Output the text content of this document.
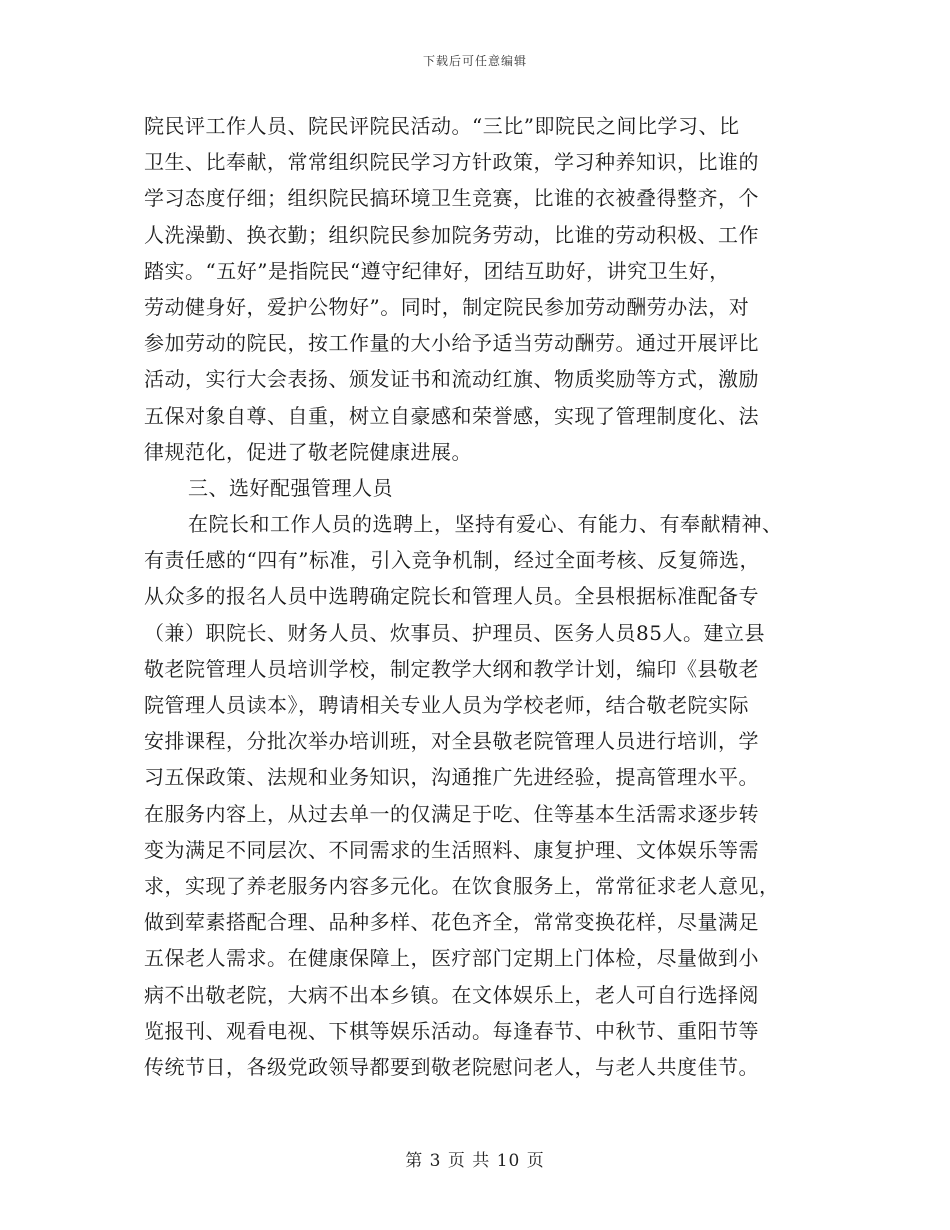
下载后可任意编辑
院民评工作人员、院民评院民活动。“三比”即院民之间比学习、比
卫生、比奉献，常常组织院民学习方针政策，学习种养知识，比谁的
学习态度仔细；组织院民搞环境卫生竞赛，比谁的衣被叠得整齐，个
人洗澡勤、换衣勤；组织院民参加院务劳动，比谁的劳动积极、工作
踏实。“五好”是指院民“遵守纪律好，团结互助好，讲究卫生好，
劳动健身好，爱护公物好”。同时，制定院民参加劳动酬劳办法，对
参加劳动的院民，按工作量的大小给予适当劳动酬劳。通过开展评比
活动，实行大会表扬、颁发证书和流动红旗、物质奖励等方式，激励
五保对象自尊、自重，树立自豪感和荣誉感，实现了管理制度化、法
律规范化，促进了敬老院健康进展。
三、选好配强管理人员
在院长和工作人员的选聘上，坚持有爱心、有能力、有奉献精神、
有责任感的“四有”标准，引入竞争机制，经过全面考核、反复筛选，
从众多的报名人员中选聘确定院长和管理人员。全县根据标准配备专
（兼）职院长、财务人员、炊事员、护理员、医务人员85人。建立县
敬老院管理人员培训学校，制定教学大纲和教学计划，编印《县敬老
院管理人员读本》，聘请相关专业人员为学校老师，结合敬老院实际
安排课程，分批次举办培训班，对全县敬老院管理人员进行培训，学
习五保政策、法规和业务知识，沟通推广先进经验，提高管理水平。
在服务内容上，从过去单一的仅满足于吃、住等基本生活需求逐步转
变为满足不同层次、不同需求的生活照料、康复护理、文体娱乐等需
求，实现了养老服务内容多元化。在饮食服务上，常常征求老人意见，
做到荤素搭配合理、品种多样、花色齐全，常常变换花样，尽量满足
五保老人需求。在健康保障上，医疗部门定期上门体检，尽量做到小
病不出敬老院，大病不出本乡镇。在文体娱乐上，老人可自行选择阅
览报刊、观看电视、下棋等娱乐活动。每逢春节、中秋节、重阳节等
传统节日，各级党政领导都要到敬老院慰问老人，与老人共度佳节。
第 3 页 共 10 页
